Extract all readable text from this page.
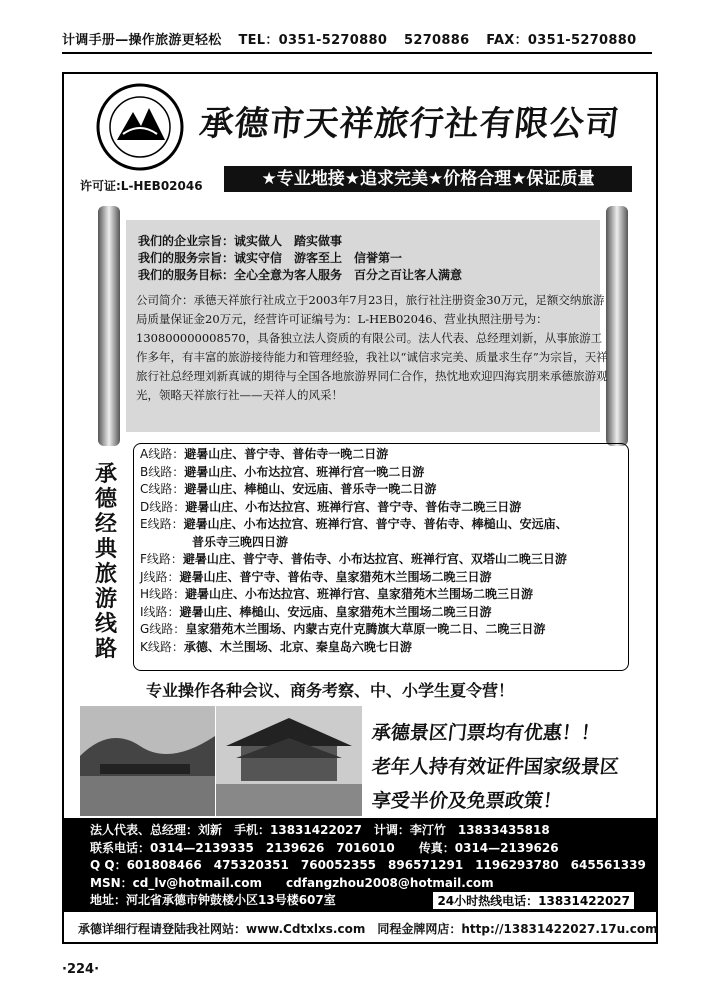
计调手册—操作旅游更轻松 TEL：0351-5270880 5270886 FAX：0351-5270880
许可证:L-HEB02046
承德市天祥旅行社有限公司
★专业地接★追求完美★价格合理★保证质量
我们的企业宗旨：诚实做人　踏实做事
我们的服务宗旨：诚实守信　游客至上　信誉第一
我们的服务目标：全心全意为客人服务　百分之百让客人满意
公司简介：承德天祥旅行社成立于2003年7月23日，旅行社注册资金30万元，足额交纳旅游局质量保证金20万元，经营许可证编号为：L-HEB02046、营业执照注册号为：130800000008570，具备独立法人资质的有限公司。法人代表、总经理刘新，从事旅游工作多年，有丰富的旅游接待能力和管理经验，我社以“诚信求完美、质量求生存”为宗旨，天祥旅行社总经理刘新真诚的期待与全国各地旅游界同仁合作，热忱地欢迎四海宾朋来承德旅游观光，领略天祥旅行社——天祥人的风采！
承
德
经
典
旅
游
线
路
A线路：避暑山庄、普宁寺、普佑寺一晚二日游
B线路：避暑山庄、小布达拉宫、班禅行宫一晚二日游
C线路：避暑山庄、棒槌山、安远庙、普乐寺一晚二日游
D线路：避暑山庄、小布达拉宫、班禅行宫、普宁寺、普佑寺二晚三日游
E线路：避暑山庄、小布达拉宫、班禅行宫、普宁寺、普佑寺、棒槌山、安远庙、
普乐寺三晚四日游
F线路：避暑山庄、普宁寺、普佑寺、小布达拉宫、班禅行宫、双塔山二晚三日游
J线路：避暑山庄、普宁寺、普佑寺、皇家猎苑木兰围场二晚三日游
H线路：避暑山庄、小布达拉宫、班禅行宫、皇家猎苑木兰围场二晚三日游
I线路：避暑山庄、棒槌山、安远庙、皇家猎苑木兰围场二晚三日游
G线路：皇家猎苑木兰围场、内蒙古克什克腾旗大草原一晚二日、二晚三日游
K线路：承德、木兰围场、北京、秦皇岛六晚七日游
专业操作各种会议、商务考察、中、小学生夏令营！
承德景区门票均有优惠！！
老年人持有效证件国家级景区
享受半价及免票政策！
法人代表、总经理：刘新　手机：13831422027　计调：李汀竹　13833435818
联系电话：0314—2139335　2139626　7016010　　传真：0314—2139626
Q Q：601808466　475320351　760052355　896571291　1196293780　645561339
MSN：cd_lv@hotmail.com　　cdfangzhou2008@hotmail.com
地址：河北省承德市钟鼓楼小区13号楼607室	24小时热线电话：13831422027
承德详细行程请登陆我社网站：www.Cdtxlxs.com　同程金牌网店：http://13831422027.17u.com
·224·
